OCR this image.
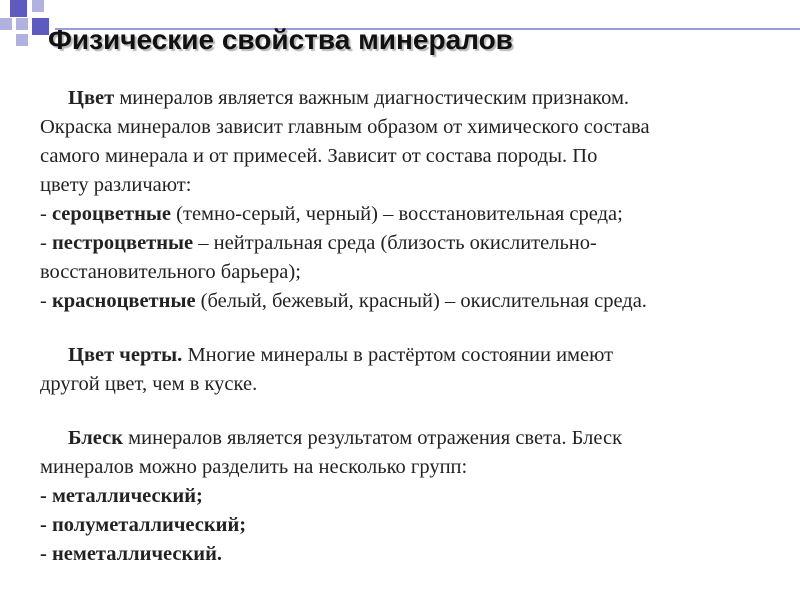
Физические свойства минералов

Цвет минералов является важным диагностическим признаком.

Окраска минералов зависит главным образом от химического состава

самого минерала и от примесей. Зависит от состава породы. По

цвету различают:

- сероцветные (темно-серый, черный) – восстановительная среда;

- пестроцветные – нейтральная среда (близость окислительно-

восстановительного барьера);

- красноцветные (белый, бежевый, красный) – окислительная среда.

Цвет черты. Многие минералы в растёртом состоянии имеют

другой цвет, чем в куске.

Блеск минералов является результатом отражения света. Блеск

минералов можно разделить на несколько групп:

- металлический;

- полуметаллический;

- неметаллический.
